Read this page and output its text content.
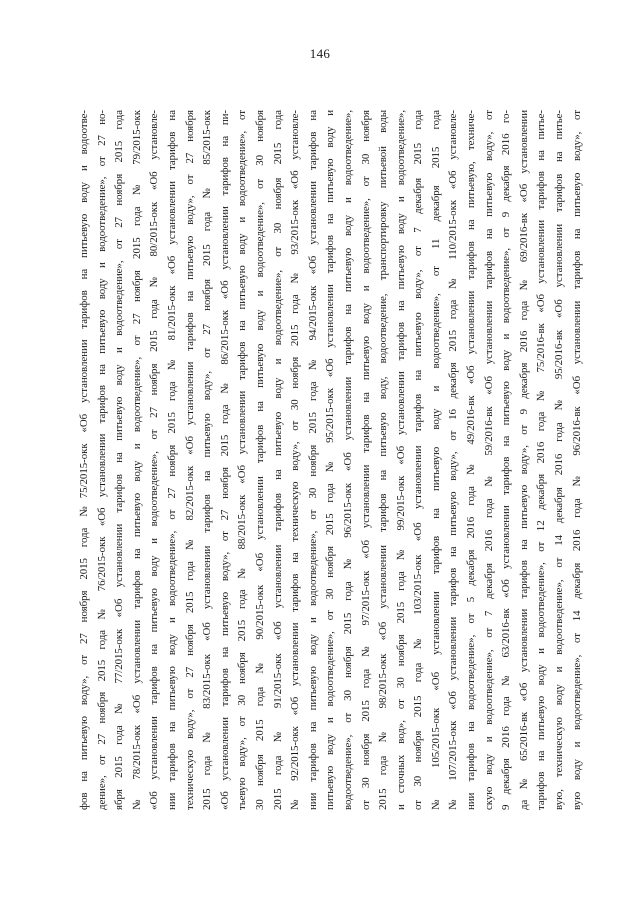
146
фов на питьевую воду», от 27 ноября 2015 года №75/2015-окк «Об установлении тарифов на питьевую воду и водоотве- дение», от 27 ноября 2015 года № 76/2015-окк «Об установлении тарифов на питьевую воду и водоотведение», от 27 но- ября 2015 года № 77/2015-окк «Об установлении тарифов на питьевую воду и водоотведение», от 27 ноября 2015 года № 78/2015-окк «Об установлении тарифов на питьевую воду и водоотведение», от 27 ноября 2015 года № 79/2015-окк «Об установлении тарифов на питьевую воду и водоотведение», от 27 ноября 2015 года № 80/2015-окк «Об установле- нии тарифов на питьевую воду и водоотведение», от 27 ноября 2015 года № 81/2015-окк «Об установлении тарифов на техническую воду», от 27 ноября 2015 года № 82/2015-окк «Об установлении тарифов на питьевую воду», от 27 ноября 2015 года № 83/2015-окк «Об установлении тарифов на питьевую воду», от 27 ноября 2015 года № 85/2015-окк «Об установлении тарифов на питьевую воду», от 27 ноября 2015 года № 86/2015-окк «Об установлении тарифов на пи- тьевую воду», от 30 ноября 2015 года № 88/2015-окк «Об установлении тарифов на питьевую воду и водоотведение», от 30 ноября 2015 года № 90/2015-окк «Об установлении тарифов на питьевую воду и водоотведение», от 30 ноября 2015 года № 91/2015-окк «Об установлении тарифов на питьевую воду и водоотведение», от 30 ноября 2015 года № 92/2015-окк «Об установлении тарифов на техническую воду», от 30 ноября 2015 года № 93/2015-окк «Об установле- нии тарифов на питьевую воду и водоотведение», от 30 ноября 2015 года № 94/2015-окк «Об установлении тарифов на питьевую воду и водоотведение», от 30 ноября 2015 года № 95/2015-окк «Об установлении тарифов на питьевую воду и водоотведение», от 30 ноября 2015 года № 96/2015-окк «Об установлении тарифов на питьевую воду и водоотведение», от 30 ноября 2015 года № 97/2015-окк «Об установлении тарифов на питьевую воду и водоотведение», от 30 ноября 2015 года № 98/2015-окк «Об установлении тарифов на питьевую воду, водоотведение, транспортировку питьевой воды и сточных вод», от 30 ноября 2015 года № 99/2015-окк «Об установлении тарифов на питьевую воду и водоотведение», от 30 ноября 2015 года № 103/2015-окк «Об установлении тарифов на питьевую воду», от 7 декабря 2015 года № 105/2015-окк «Об установлении тарифов на питьевую воду и водоотведение», от 11 декабря 2015 года № 107/2015-окк «Об установлении тарифов на питьевую воду», от 16 декабря 2015 года № 110/2015-окк «Об установле- нии тарифов на водоотведение», от 5 декабря 2016 года № 49/2016-вк «Об установлении тарифов на питьевую, техниче- скую воду и водоотведение», от 7 декабря 2016 года № 59/2016-вк «Об установлении тарифов на питьевую воду», от 9 декабря 2016 года № 63/2016-вк «Об установлении тарифов на питьевую воду и водоотведение», от 9 декабря 2016 го- да № 65/2016-вк «Об установлении тарифов на питьевую воду», от 9 декабря 2016 года № 69/2016-вк «Об установлении тарифов на питьевую воду и водоотведение», от 12 декабря 2016 года № 75/2016-вк «Об установлении тарифов на питье- вую, техническую воду и водоотведение», от 14 декабря 2016 года № 95/2016-вк «Об установлении тарифов на питье- вую воду и водоотведение», от 14 декабря 2016 года № 96/2016-вк «Об установлении тарифов на питьевую воду», от
